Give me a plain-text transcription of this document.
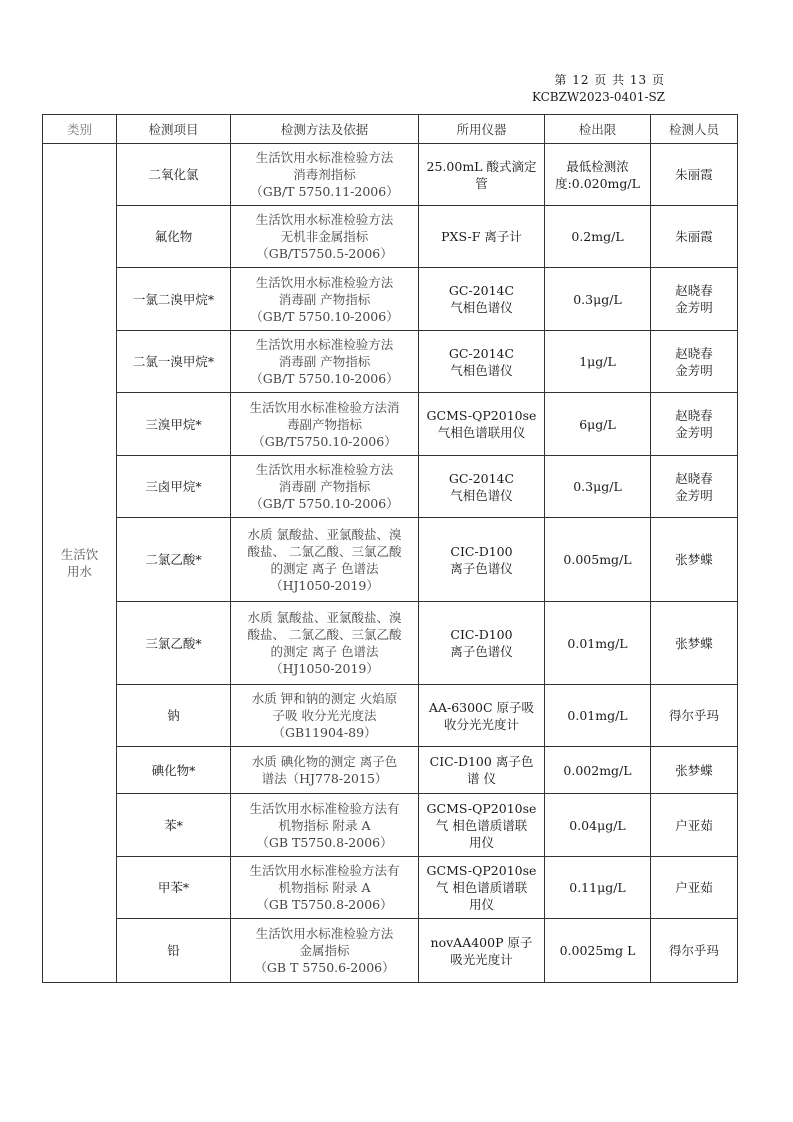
第 12 页 共 13 页
KCBZW2023-0401-SZ
类别	检测项目	检测方法及依据	所用仪器	检出限	检测人员
生活饮
用水	二氧化氯	生活饮用水标准检验方法
消毒剂指标
（GB/T 5750.11-2006）	25.00mL 酸式滴定
管	最低检测浓
度:0.020mg/L	朱丽霞
	氟化物	生活饮用水标准检验方法
无机非金属指标
（GB/T5750.5-2006）	PXS-F 离子计	0.2mg/L	朱丽霞
	一氯二溴甲烷*	生活饮用水标准检验方法
消毒副 产物指标
（GB/T 5750.10-2006）	GC-2014C
气相色谱仪	0.3μg/L	赵晓春
金芳明
	二氯一溴甲烷*	生活饮用水标准检验方法
消毒副 产物指标
（GB/T 5750.10-2006）	GC-2014C
气相色谱仪	1μg/L	赵晓春
金芳明
	三溴甲烷*	生活饮用水标准检验方法消
毒副产物指标
（GB/T5750.10-2006）	GCMS-QP2010se
气相色谱联用仪	6μg/L	赵晓春
金芳明
	三卤甲烷*	生活饮用水标准检验方法
消毒副 产物指标
（GB/T 5750.10-2006）	GC-2014C
气相色谱仪	0.3μg/L	赵晓春
金芳明
	二氯乙酸*	水质 氯酸盐、亚氯酸盐、溴
酸盐、 二氯乙酸、三氯乙酸
的测定 离子 色谱法
（HJ1050-2019）	CIC-D100
离子色谱仪	0.005mg/L	张梦蝶
	三氯乙酸*	水质 氯酸盐、亚氯酸盐、溴
酸盐、 二氯乙酸、三氯乙酸
的测定 离子 色谱法
（HJ1050-2019）	CIC-D100
离子色谱仪	0.01mg/L	张梦蝶
	钠	水质 钾和钠的测定 火焰原
子吸 收分光光度法
（GB11904-89）	AA-6300C 原子吸
收分光光度计	0.01mg/L	得尔乎玛
	碘化物*	水质 碘化物的测定 离子色
谱法（HJ778-2015）	CIC-D100 离子色
谱 仪	0.002mg/L	张梦蝶
	苯*	生活饮用水标准检验方法有
机物指标 附录 A
（GB T5750.8-2006）	GCMS-QP2010se
气 相色谱质谱联
用仪	0.04μg/L	户亚茹
	甲苯*	生活饮用水标准检验方法有
机物指标 附录 A
（GB T5750.8-2006）	GCMS-QP2010se
气 相色谱质谱联
用仪	0.11μg/L	户亚茹
	铅	生活饮用水标准检验方法
金属指标
（GB T 5750.6-2006）	novAA400P 原子
吸光光度计	0.0025mg L	得尔乎玛
